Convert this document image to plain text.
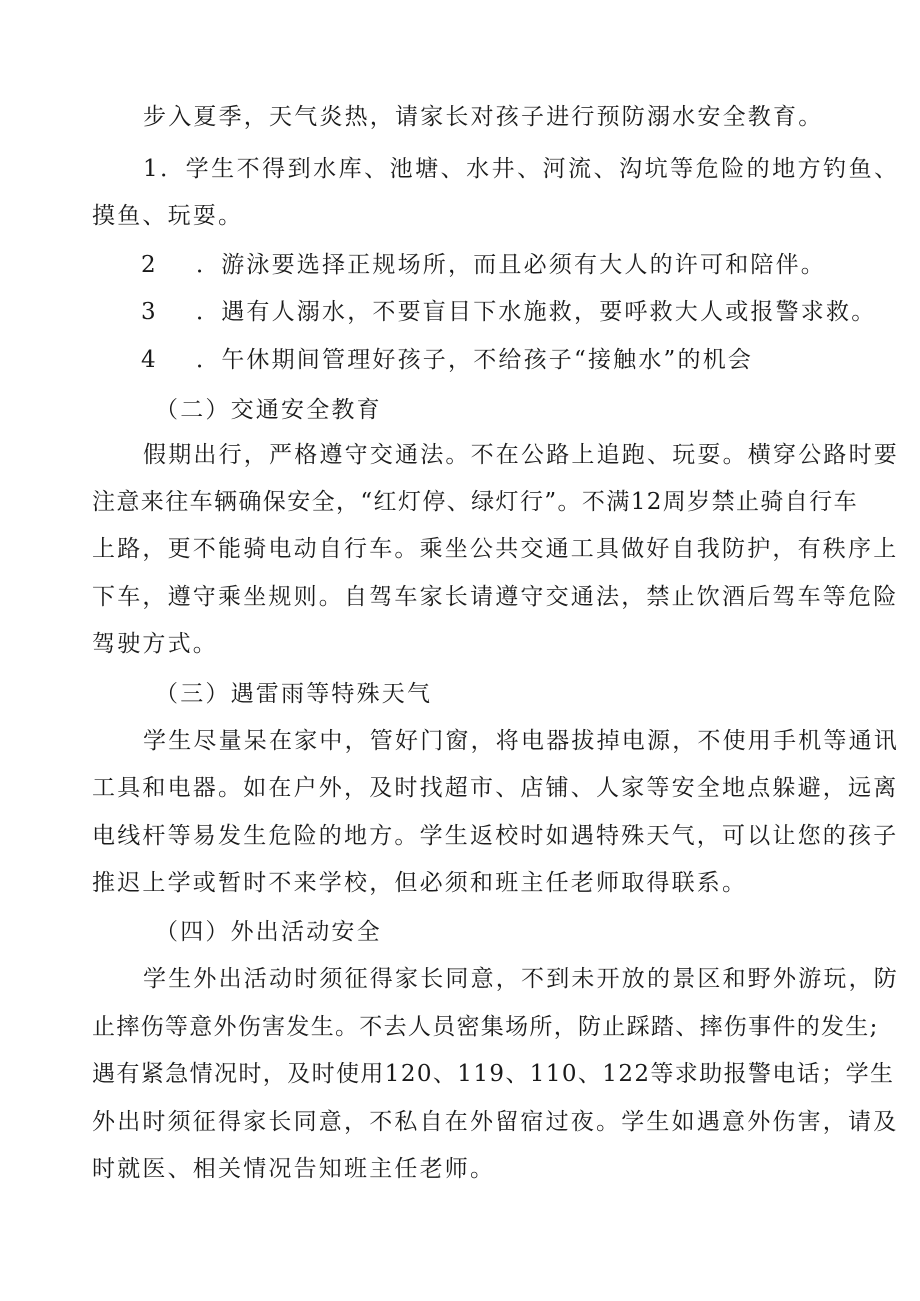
步入夏季，天气炎热，请家长对孩子进行预防溺水安全教育。
1．学生不得到水库、池塘、水井、河流、沟坑等危险的地方钓鱼、
摸鱼、玩耍。
2 ．游泳要选择正规场所，而且必须有大人的许可和陪伴。
3 ．遇有人溺水，不要盲目下水施救，要呼救大人或报警求救。
4 ．午休期间管理好孩子，不给孩子“接触水”的机会
（二）交通安全教育
假期出行，严格遵守交通法。不在公路上追跑、玩耍。横穿公路时要
注意来往车辆确保安全，“红灯停、绿灯行”。不满12周岁禁止骑自行车
上路，更不能骑电动自行车。乘坐公共交通工具做好自我防护，有秩序上
下车，遵守乘坐规则。自驾车家长请遵守交通法，禁止饮酒后驾车等危险
驾驶方式。
（三）遇雷雨等特殊天气
学生尽量呆在家中，管好门窗，将电器拔掉电源，不使用手机等通讯
工具和电器。如在户外，及时找超市、店铺、人家等安全地点躲避，远离
电线杆等易发生危险的地方。学生返校时如遇特殊天气，可以让您的孩子
推迟上学或暂时不来学校，但必须和班主任老师取得联系。
（四）外出活动安全
学生外出活动时须征得家长同意，不到未开放的景区和野外游玩，防
止摔伤等意外伤害发生。不去人员密集场所，防止踩踏、摔伤事件的发生;
遇有紧急情况时，及时使用120、119、110、122等求助报警电话；学生
外出时须征得家长同意，不私自在外留宿过夜。学生如遇意外伤害，请及
时就医、相关情况告知班主任老师。
